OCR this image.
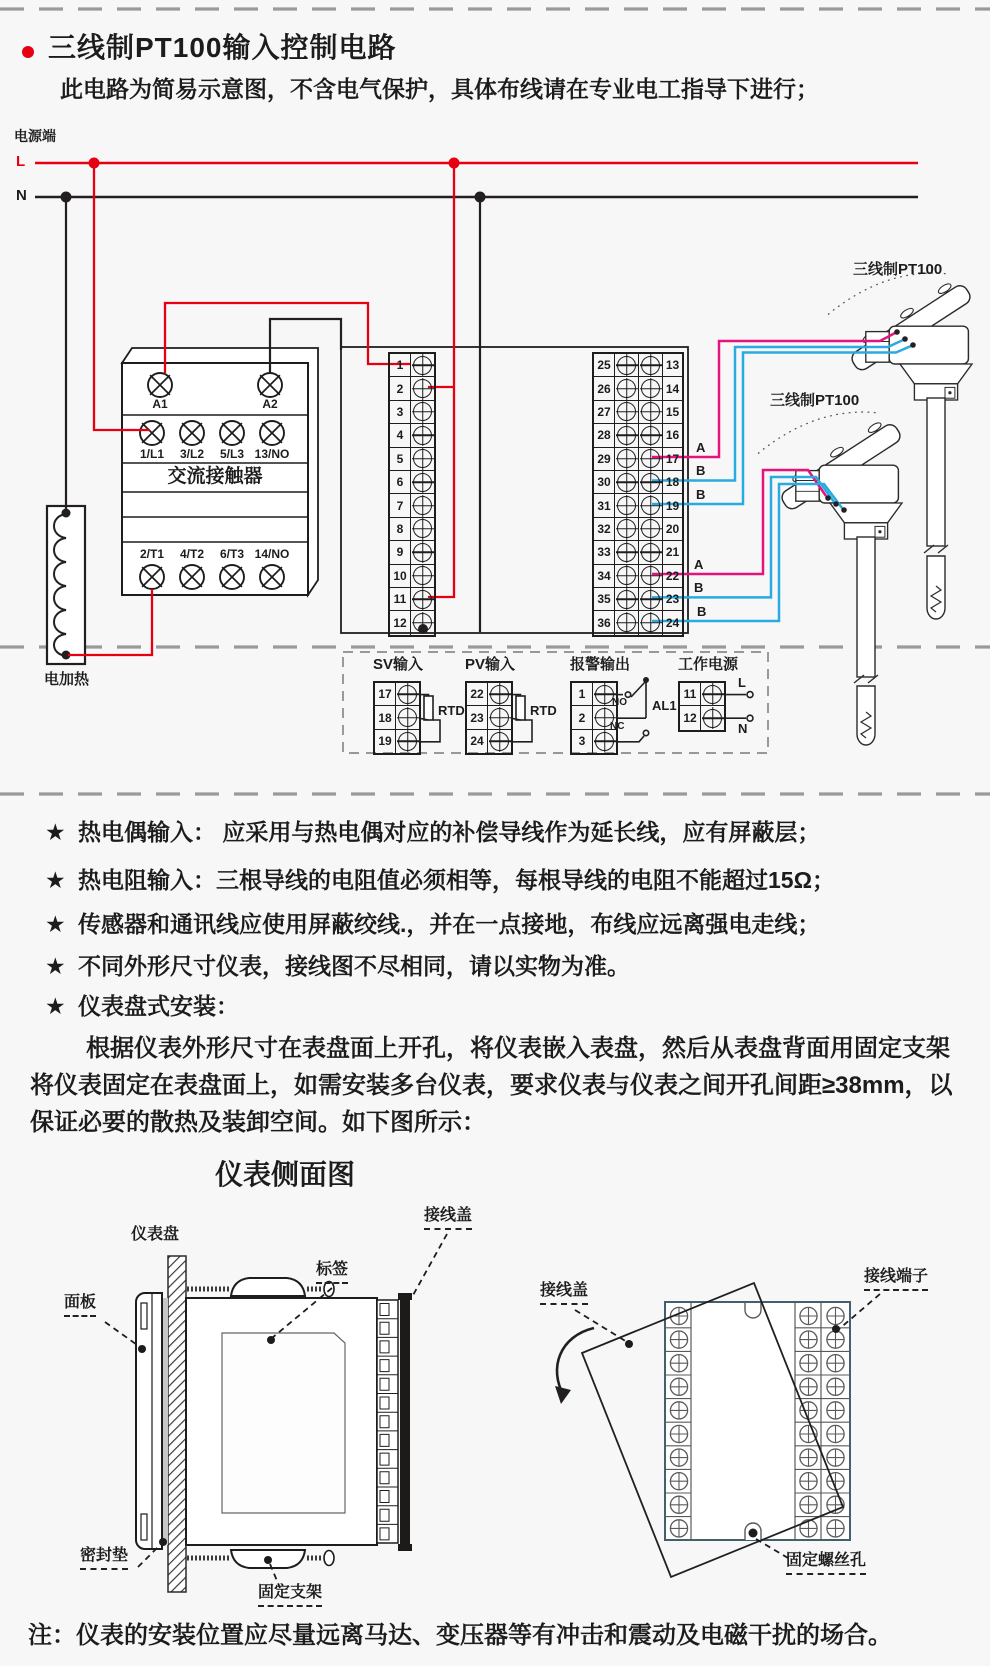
三线制PT100输入控制电路
此电路为简易示意图，不含电气保护，具体布线请在专业电工指导下进行；
电源端
L
N
A1	A2
1/L1 3/L2 5/L3 13/NO
交流接触器
2/T1 4/T2 6/T3 14/NO
电加热
1
2
3
4
5
6
7
8
9
10
11
12
25	13
26	14
27	15
28	16
29	17
30	18
31	19
32	20
33	21
34	22
35	23
36	24
A
B
B
A
B
B
三线制PT100
三线制PT100
SV输入	PV输入	报警输出	工作电源
17
18
19
22
23
24
1
2
3
11
12
RTD	RTD
NO
NC
AL1
L
N
★ 热电偶输入： 应采用与热电偶对应的补偿导线作为延长线，应有屏蔽层；
★ 热电阻输入：三根导线的电阻值必须相等，每根导线的电阻不能超过15Ω；
★ 传感器和通讯线应使用屏蔽绞线.，并在一点接地，布线应远离强电走线；
★ 不同外形尺寸仪表，接线图不尽相同，请以实物为准。
★ 仪表盘式安装：
根据仪表外形尺寸在表盘面上开孔，将仪表嵌入表盘，然后从表盘背面用固定支架将仪表固定在表盘面上，如需安装多台仪表，要求仪表与仪表之间开孔间距≥38mm，以保证必要的散热及装卸空间。如下图所示：
仪表侧面图
仪表盘
面板
标签
接线盖
密封垫
固定支架
接线盖
接线端子
固定螺丝孔
注：仪表的安装位置应尽量远离马达、变压器等有冲击和震动及电磁干扰的场合。
